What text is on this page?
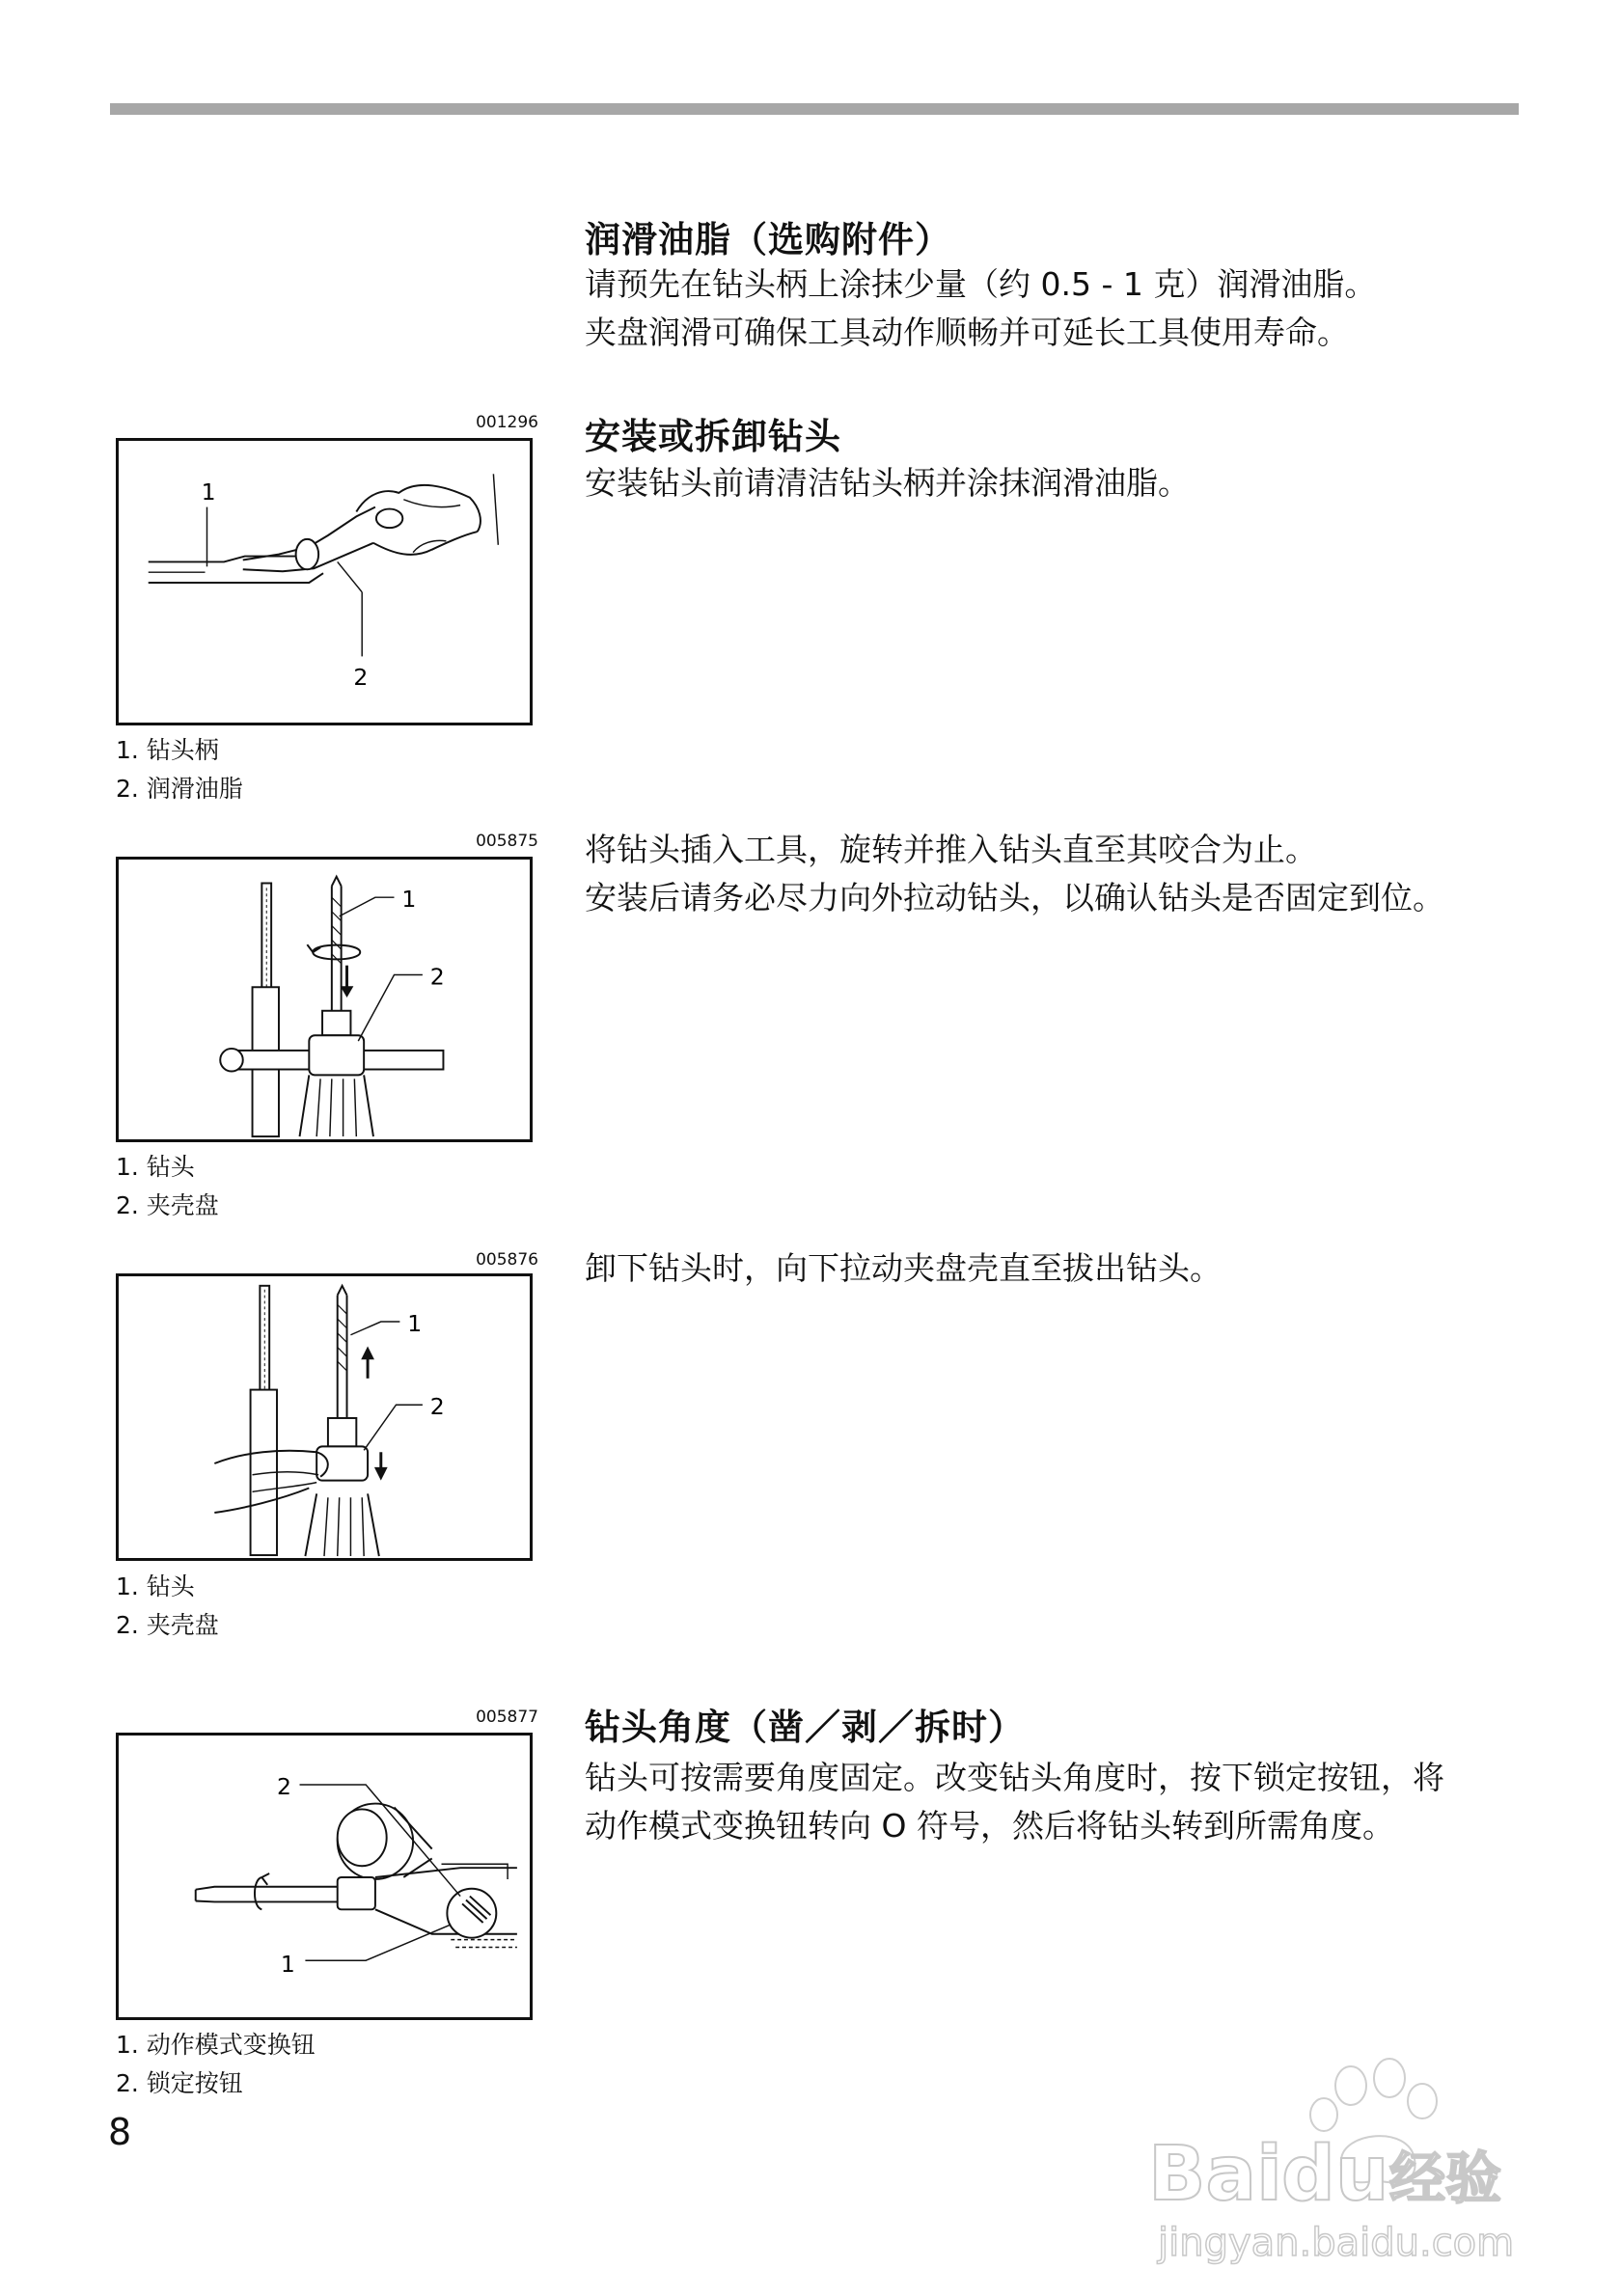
润滑油脂（选购附件）
请预先在钻头柄上涂抹少量（约 0.5 - 1 克）润滑油脂。
夹盘润滑可确保工具动作顺畅并可延长工具使用寿命。
安装或拆卸钻头
安装钻头前请清洁钻头柄并涂抹润滑油脂。
001296
1
2
1. 钻头柄
2. 润滑油脂
将钻头插入工具，旋转并推入钻头直至其咬合为止。
安装后请务必尽力向外拉动钻头，以确认钻头是否固定到位。
005875
1
2
1. 钻头
2. 夹壳盘
卸下钻头时，向下拉动夹盘壳直至拔出钻头。
005876
1
2
1. 钻头
2. 夹壳盘
钻头角度（凿／剥／拆时）
钻头可按需要角度固定。改变钻头角度时，按下锁定按钮，将
动作模式变换钮转向 O 符号，然后将钻头转到所需角度。
005877
2
1
1. 动作模式变换钮
2. 锁定按钮
8	Bai du 经验
jingyan.baidu.com
